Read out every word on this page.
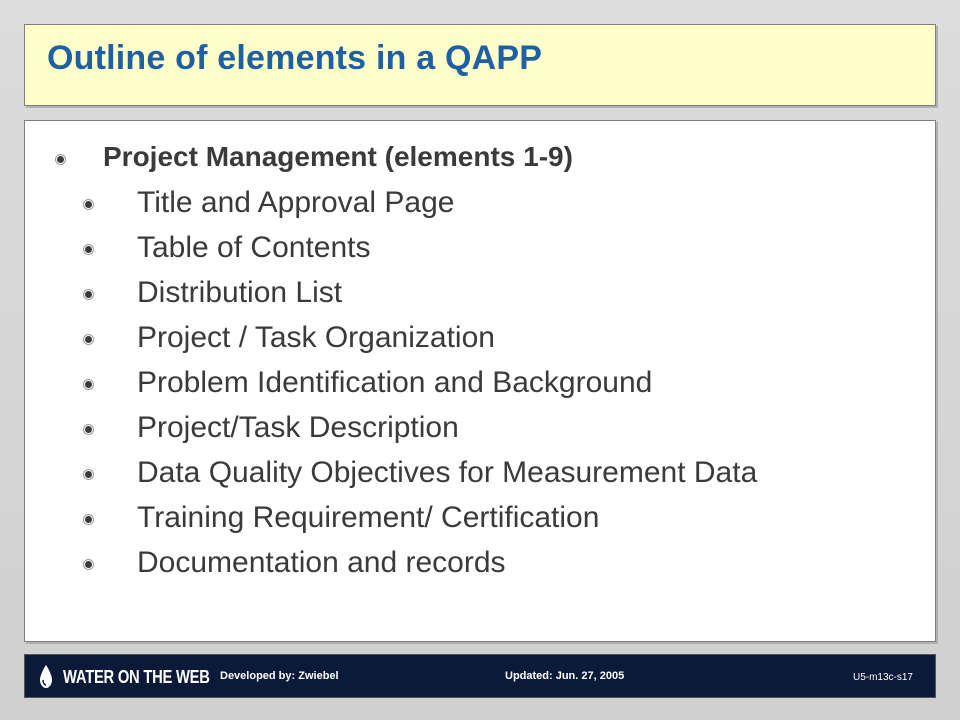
Outline of elements in a QAPP
Project Management (elements 1-9)
Title and Approval Page
Table of Contents
Distribution List
Project / Task Organization
Problem Identification and Background
Project/Task Description
Data Quality Objectives for Measurement Data
Training Requirement/ Certification
Documentation and records
WATER ON THE WEB Developed by: Zwiebel	Updated: Jun. 27, 2005	U5-m13c-s17
